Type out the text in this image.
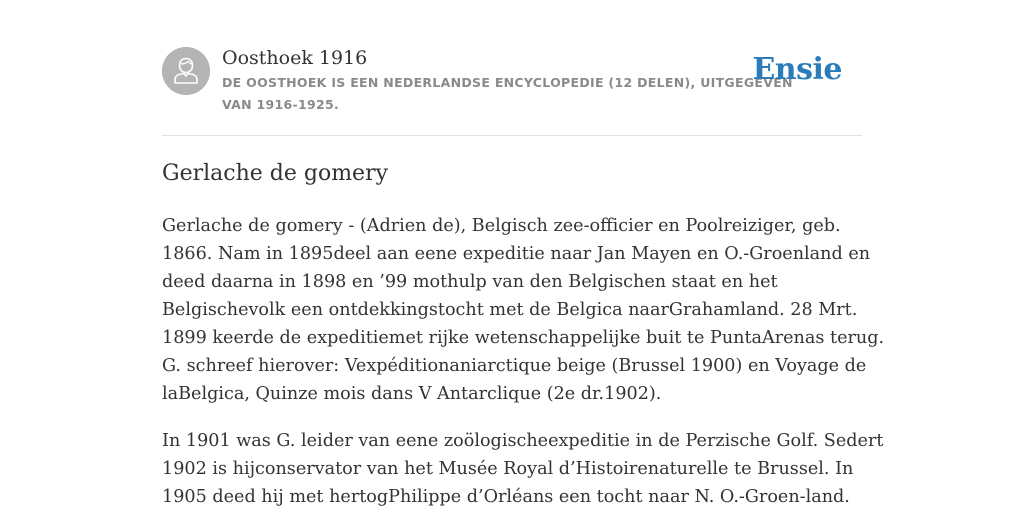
Oosthoek 1916

DE OOSTHOEK IS EEN NEDERLANDSE ENCYCLOPEDIE (12 DELEN), UITGEGEVEN
VAN 1916-1925.

Ensie
Gerlache de gomery

Gerlache de gomery - (Adrien de), Belgisch zee-officier en Poolreiziger, geb.
1866. Nam in 1895deel aan eene expeditie naar Jan Mayen en O.-Groenland en
deed daarna in 1898 en ’99 mothulp van den Belgischen staat en het
Belgischevolk een ontdekkingstocht met de Belgica naarGrahamland. 28 Mrt.
1899 keerde de expeditiemet rijke wetenschappelijke buit te PuntaArenas terug.
G. schreef hierover: Vexpéditionaniarctique beige (Brussel 1900) en Voyage de
laBelgica, Quinze mois dans V Antarclique (2e dr.1902).

In 1901 was G. leider van eene zoölogischeexpeditie in de Perzische Golf. Sedert
1902 is hijconservator van het Musée Royal d’Histoirenaturelle te Brussel. In
1905 deed hij met hertogPhilippe d’Orléans een tocht naar N. O.-Groen-land.
